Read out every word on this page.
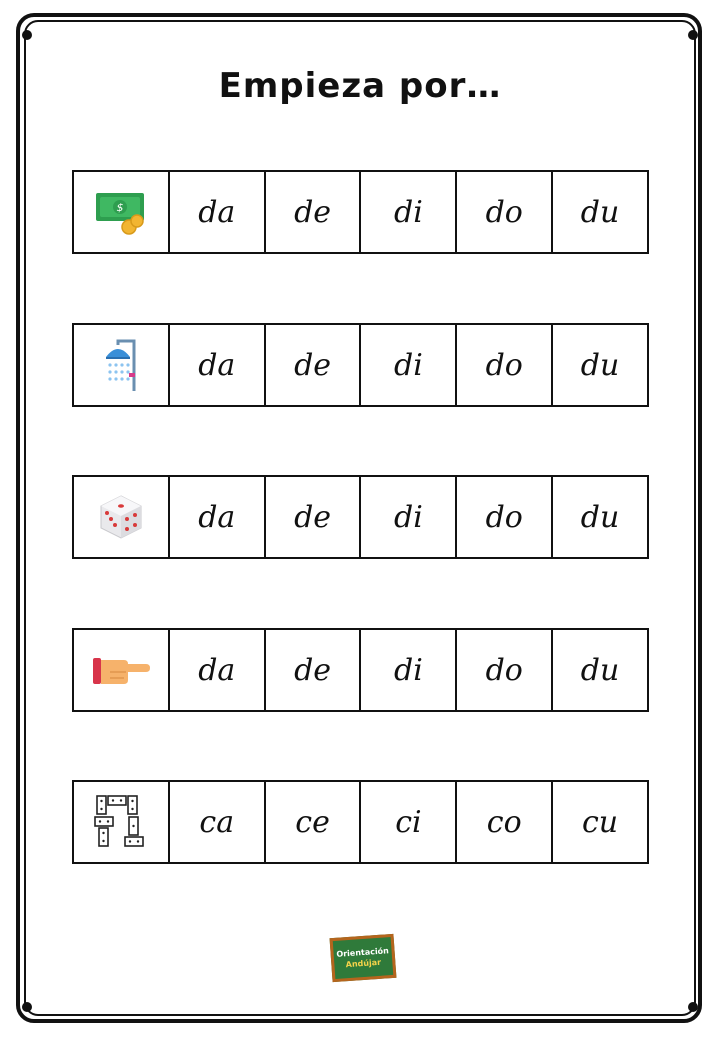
Empieza por…
$	da	de	di	do	du
da	de	di	do	du
da	de	di	do	du
da	de	di	do	du
ca	ce	ci	co	cu
Orientación
Andújar
